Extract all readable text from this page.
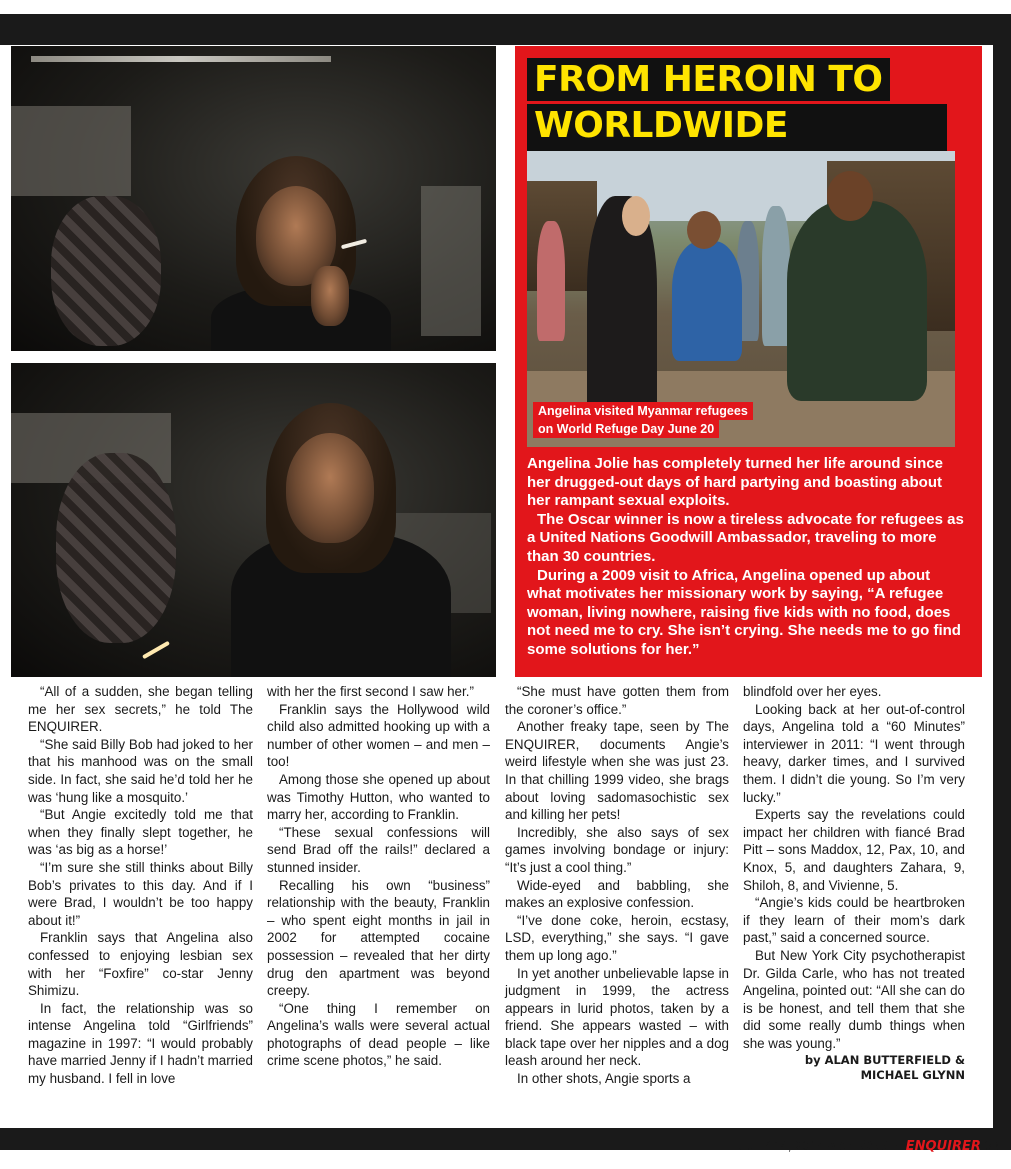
FROM HEROIN TO
WORLDWIDE
Angelina visited Myanmar refugees
on World Refuge Day June 20

Angelina Jolie has completely turned her life around since her drugged-out days of hard partying and boasting about her rampant sexual exploits.

The Oscar winner is now a tireless advocate for refugees as a United Nations Goodwill Ambassador, traveling to more than 30 countries.

During a 2009 visit to Africa, Angelina opened up about what motivates her missionary work by saying, “A refugee woman, living nowhere, raising five kids with no food, does not need me to cry. She isn’t crying. She needs me to go find some solutions for her.”

“All of a sudden, she began telling me her sex secrets,” he told The ENQUIRER.

“She said Billy Bob had joked to her that his manhood was on the small side. In fact, she said he’d told her he was ‘hung like a mosquito.’

“But Angie excitedly told me that when they finally slept together, he was ‘as big as a horse!’

“I’m sure she still thinks about Billy Bob’s privates to this day. And if I were Brad, I wouldn’t be too happy about it!”

Franklin says that Angelina also confessed to enjoying lesbian sex with her “Foxfire” co-star Jenny Shimizu.

In fact, the relationship was so intense Angelina told “Girlfriends” magazine in 1997: “I would probably have married Jenny if I hadn’t married my husband. I fell in love

with her the first second I saw her.”

Franklin says the Hollywood wild child also admitted hooking up with a number of other women – and men – too!

Among those she opened up about was Timothy Hutton, who wanted to marry her, according to Franklin.

“These sexual confessions will send Brad off the rails!” declared a stunned insider.

Recalling his own “business” relationship with the beauty, Franklin – who spent eight months in jail in 2002 for attempted cocaine possession – revealed that her dirty drug den apartment was beyond creepy.

“One thing I remember on Angelina’s walls were several actual photographs of dead people – like crime scene photos,” he said.

“She must have gotten them from the coroner’s office.”

Another freaky tape, seen by The ENQUIRER, documents Angie’s weird lifestyle when she was just 23. In that chilling 1999 video, she brags about loving sadomasochistic sex and killing her pets!

Incredibly, she also says of sex games involving bondage or injury: “It’s just a cool thing.”

Wide-eyed and babbling, she makes an explosive confession.

“I’ve done coke, heroin, ecstasy, LSD, everything,” she says. “I gave them up long ago.”

In yet another unbelievable lapse in judgment in 1999, the actress appears in lurid photos, taken by a friend. She appears wasted – with black tape over her nipples and a dog leash around her neck.

In other shots, Angie sports a

blindfold over her eyes.

Looking back at her out-of-control days, Angelina told a “60 Minutes” interviewer in 2011: “I went through heavy, darker times, and I survived them. I didn’t die young. So I’m very lucky.”

Experts say the revelations could impact her children with fiancé Brad Pitt – sons Maddox, 12, Pax, 10, and Knox, 5, and daughters Zahara, 9, Shiloh, 8, and Vivienne, 5.

“Angie’s kids could be heartbroken if they learn of their mom’s dark past,” said a concerned source.

But New York City psychotherapist Dr. Gilda Carle, who has not treated Angelina, pointed out: “All she can do is be honest, and tell them that she did some really dumb things when she was young.”

by ALAN BUTTERFIELD &
MICHAEL GLYNN
JULY 14, 2014 NATIONAL ENQUIRER 33
